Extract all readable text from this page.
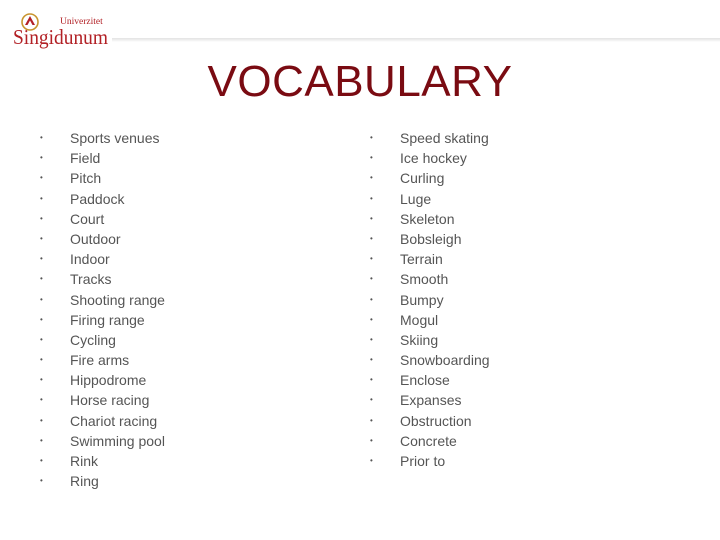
Univerzitet
Singidunum
VOCABULARY
•	Sports venues
•	Field
•	Pitch
•	Paddock
•	Court
•	Outdoor
•	Indoor
•	Tracks
•	Shooting range
•	Firing range
•	Cycling
•	Fire arms
•	Hippodrome
•	Horse racing
•	Chariot racing
•	Swimming pool
•	Rink
•	Ring
•	Speed skating
•	Ice hockey
•	Curling
•	Luge
•	Skeleton
•	Bobsleigh
•	Terrain
•	Smooth
•	Bumpy
•	Mogul
•	Skiing
•	Snowboarding
•	Enclose
•	Expanses
•	Obstruction
•	Concrete
•	Prior to
